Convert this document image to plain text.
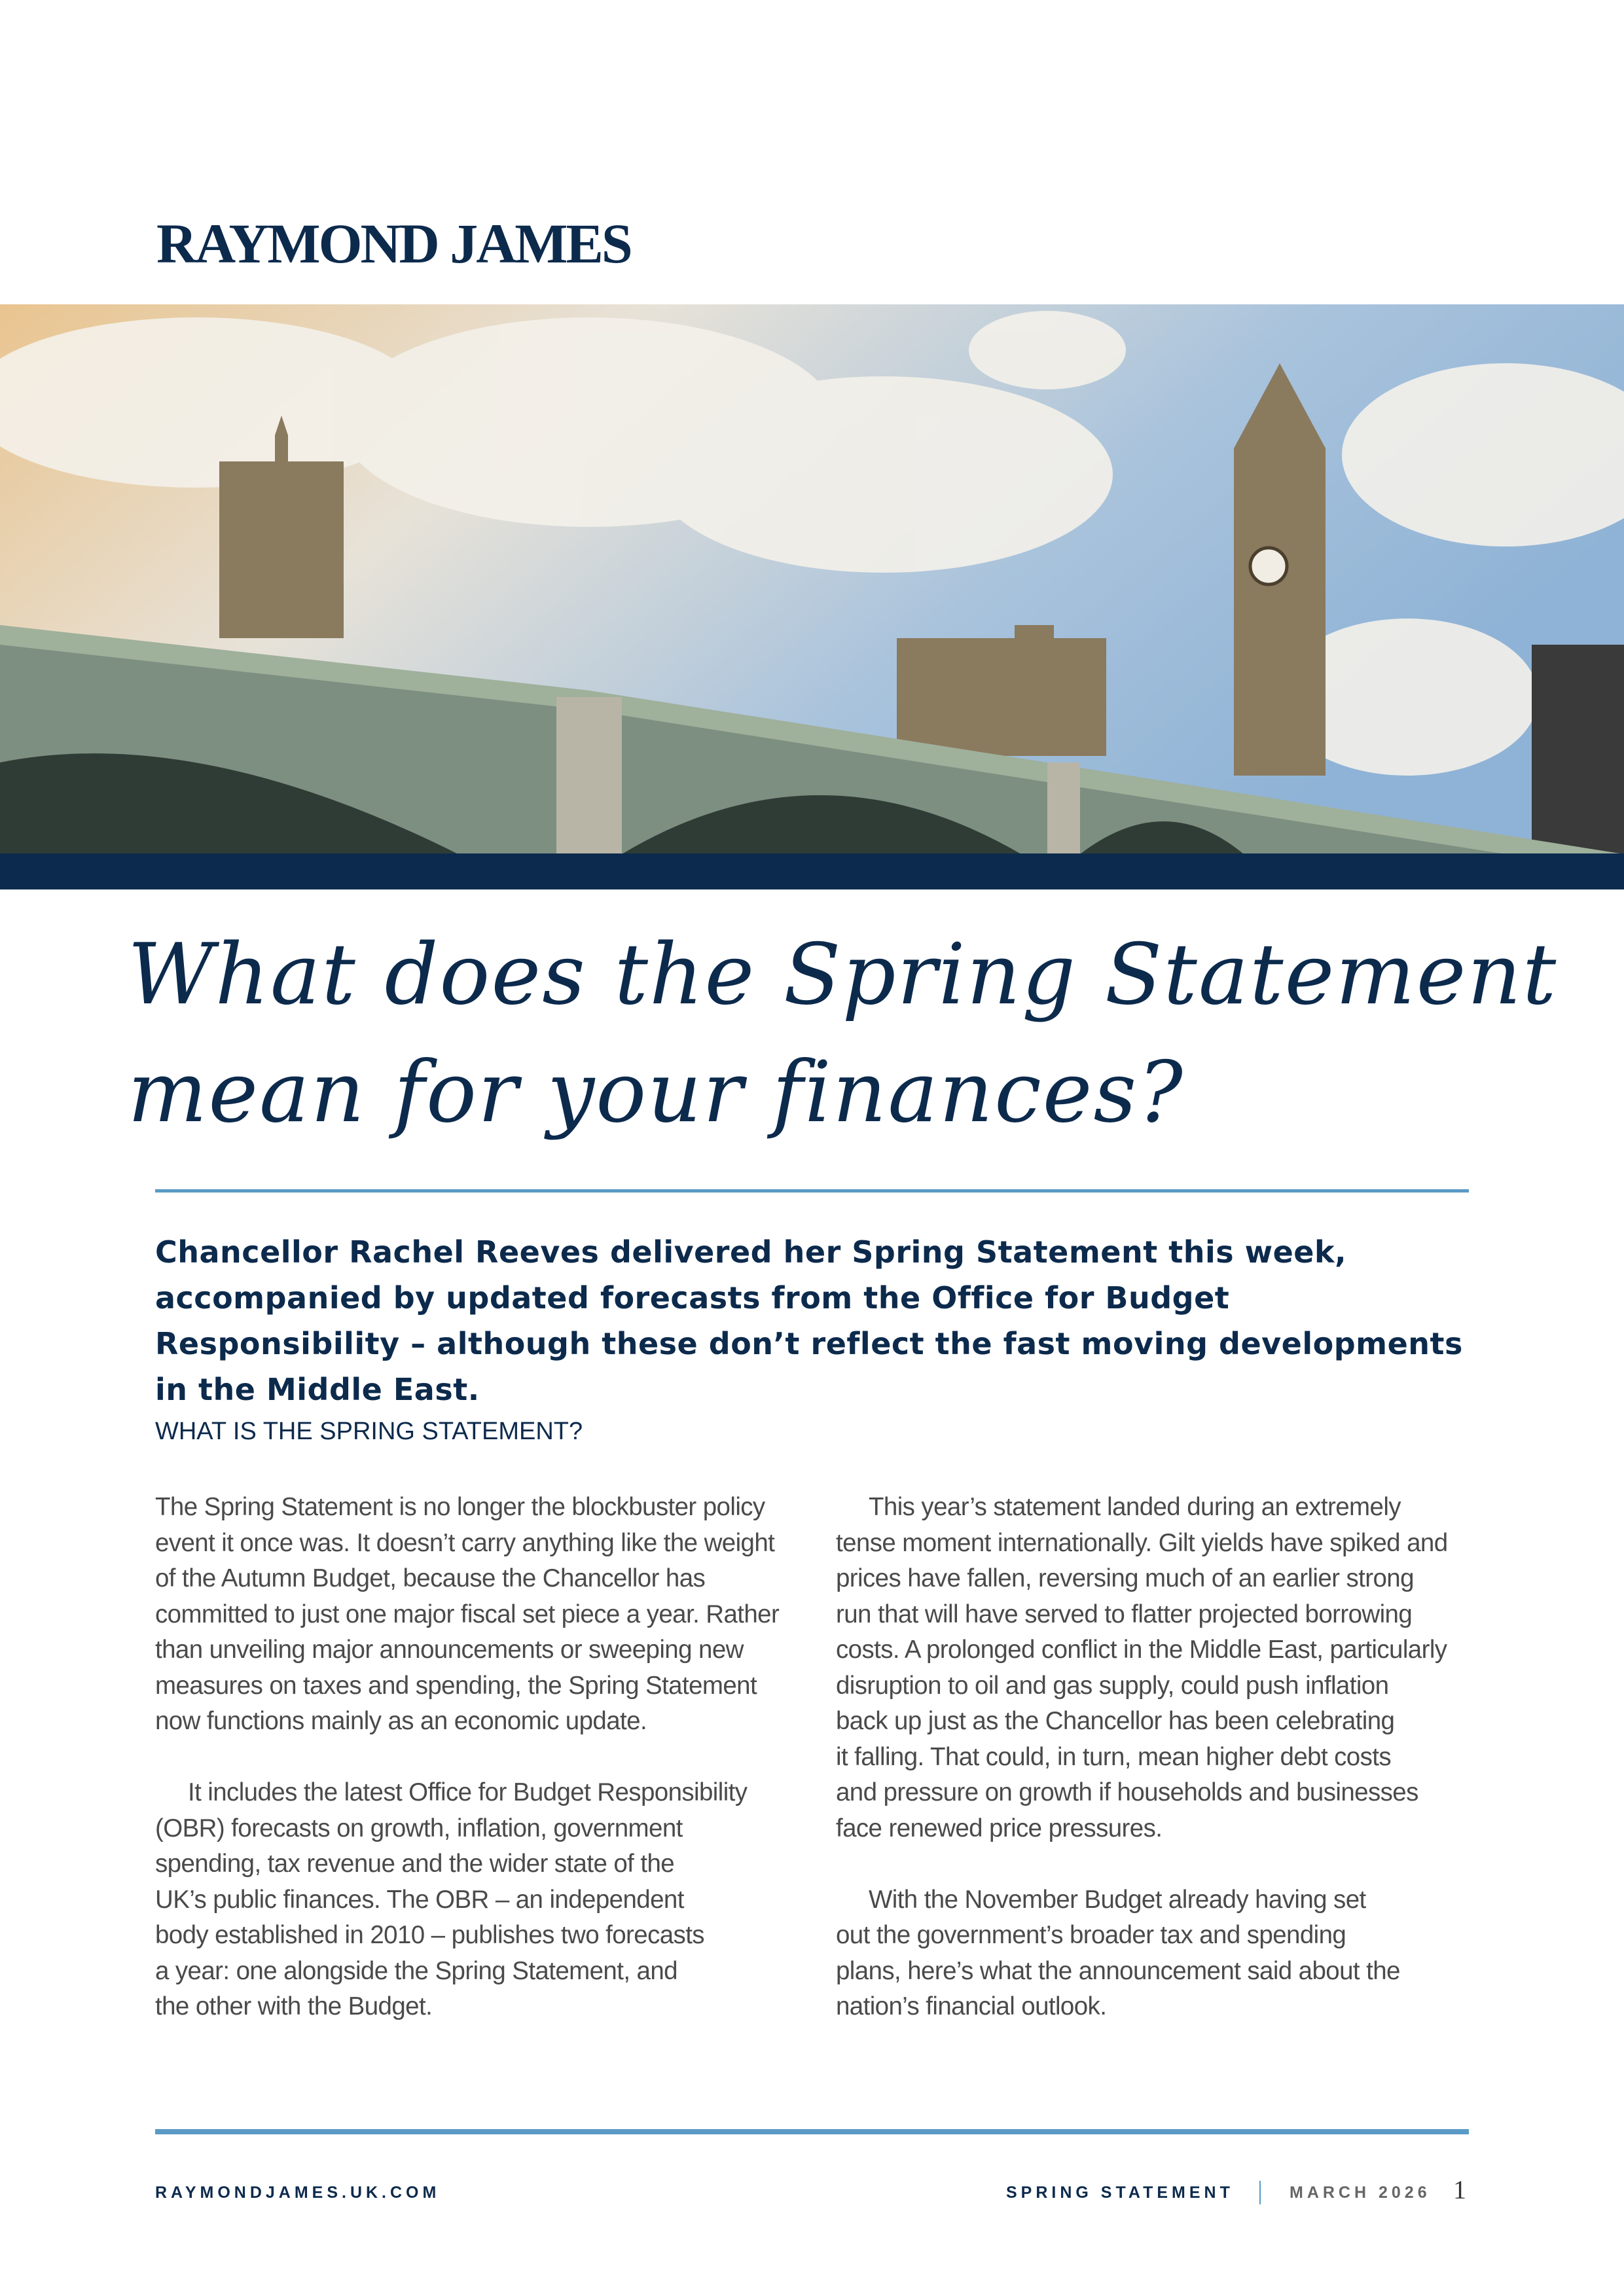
RAYMOND JAMES
What does the Spring Statement
mean for your finances?
Chancellor Rachel Reeves delivered her Spring Statement this week, accompanied by updated forecasts from the Office for Budget Responsibility – although these don’t reflect the fast moving developments in the Middle East.
WHAT IS THE SPRING STATEMENT?
The Spring Statement is no longer the blockbuster policy
event it once was. It doesn’t carry anything like the weight
of the Autumn Budget, because the Chancellor has
committed to just one major fiscal set piece a year. Rather
than unveiling major announcements or sweeping new
measures on taxes and spending, the Spring Statement
now functions mainly as an economic update.
It includes the latest Office for Budget Responsibility
(OBR) forecasts on growth, inflation, government
spending, tax revenue and the wider state of the
UK’s public finances. The OBR – an independent
body established in 2010 – publishes two forecasts
a year: one alongside the Spring Statement, and
the other with the Budget.
This year’s statement landed during an extremely
tense moment internationally. Gilt yields have spiked and
prices have fallen, reversing much of an earlier strong
run that will have served to flatter projected borrowing
costs. A prolonged conflict in the Middle East, particularly
disruption to oil and gas supply, could push inflation
back up just as the Chancellor has been celebrating
it falling. That could, in turn, mean higher debt costs
and pressure on growth if households and businesses
face renewed price pressures.
With the November Budget already having set
out the government’s broader tax and spending
plans, here’s what the announcement said about the
nation’s financial outlook.
RAYMONDJAMES.UK.COM	SPRING STATEMENT	MARCH 2026 1
